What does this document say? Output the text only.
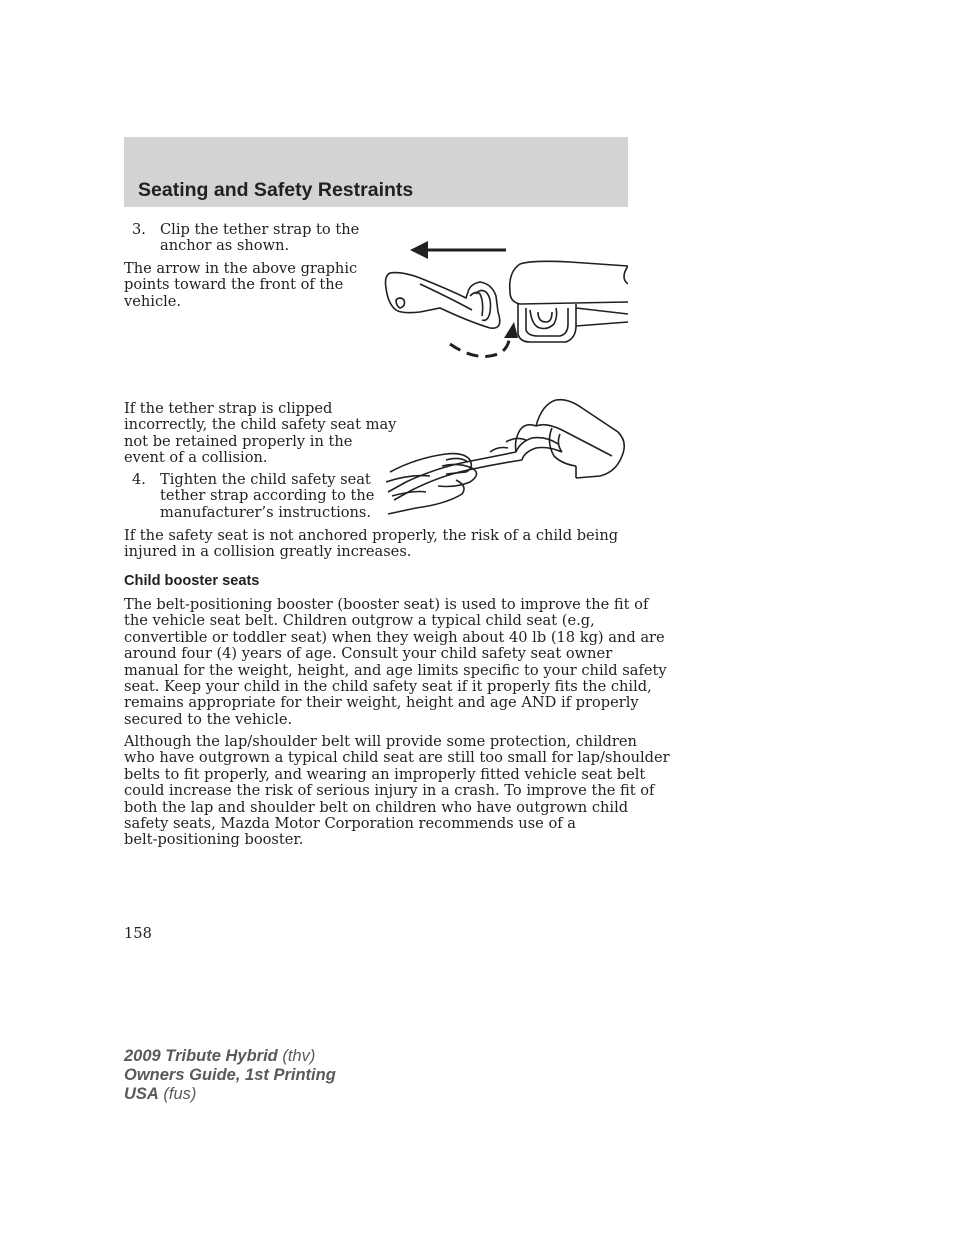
Seating and Safety Restraints
3. Clip the tether strap to the
anchor as shown.
The arrow in the above graphic
points toward the front of the
vehicle.
If the tether strap is clipped
incorrectly, the child safety seat may
not be retained properly in the
event of a collision.
4. Tighten the child safety seat
tether strap according to the
manufacturer’s instructions.
If the safety seat is not anchored properly, the risk of a child being
injured in a collision greatly increases.
Child booster seats
The belt-positioning booster (booster seat) is used to improve the fit of
the vehicle seat belt. Children outgrow a typical child seat (e.g,
convertible or toddler seat) when they weigh about 40 lb (18 kg) and are
around four (4) years of age. Consult your child safety seat owner
manual for the weight, height, and age limits specific to your child safety
seat. Keep your child in the child safety seat if it properly fits the child,
remains appropriate for their weight, height and age AND if properly
secured to the vehicle.
Although the lap/shoulder belt will provide some protection, children
who have outgrown a typical child seat are still too small for lap/shoulder
belts to fit properly, and wearing an improperly fitted vehicle seat belt
could increase the risk of serious injury in a crash. To improve the fit of
both the lap and shoulder belt on children who have outgrown child
safety seats, Mazda Motor Corporation recommends use of a
belt-positioning booster.
158
2009 Tribute Hybrid (thv)
Owners Guide, 1st Printing
USA (fus)
